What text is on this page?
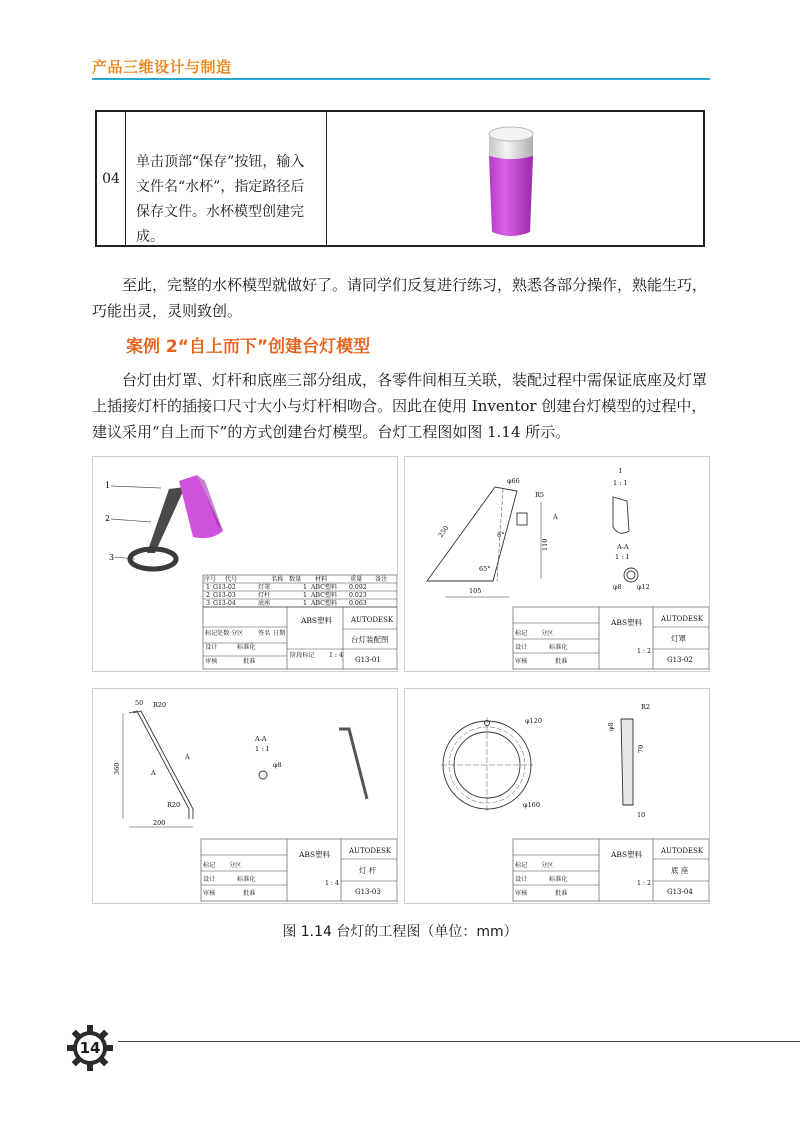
产品三维设计与制造
04
单击顶部“保存”按钮，输入文件名“水杯”，指定路径后保存文件。水杯模型创建完成。

至此，完整的水杯模型就做好了。请同学们反复进行练习，熟悉各部分操作，熟能生巧，巧能出灵，灵则致创。

案例 2“自上而下”创建台灯模型

台灯由灯罩、灯杆和底座三部分组成，各零件间相互关联，装配过程中需保证底座及灯罩上插接灯杆的插接口尺寸大小与灯杆相吻合。因此在使用 Inventor 创建台灯模型的过程中，建议采用“自上而下”的方式创建台灯模型。台灯工程图如图 1.14 所示。

1
2
3
序号 代号	名称 数量 材料	重量 备注
1 G13-02	灯罩	1 ABC塑料 0.092
2 G13-03	灯杆	1 ABC塑料 0.023
3 G13-04	底座	1 ABC塑料 0.063
标记 处数 分区 签名 日期
设计	标准化
审核	批准
阶段标记
ABS塑料	AUTODESK
台灯装配图
1 : 4
G13-01
φ66
R5
250	8°
110
65°
105	φ8 φ12
I
1 : 1
A
A-A
1 : 1
标记 分区
设计	标准化
审核	批准
ABS塑料	AUTODESK
灯罩
1 : 2
G13-02
50 R20
360
R20
200
A-A
1 : 1
φ8
A
A
标记 分区
设计	标准化
审核	批准
ABS塑料	AUTODESK
灯 杆
1 : 4
G13-03
φ120
φ160
R2
φ8
70
10
标记 分区
设计	标准化
审核	批准
ABS塑料	AUTODESK
底 座
1 : 2
G13-04
图 1.14 台灯的工程图（单位：mm）
14
